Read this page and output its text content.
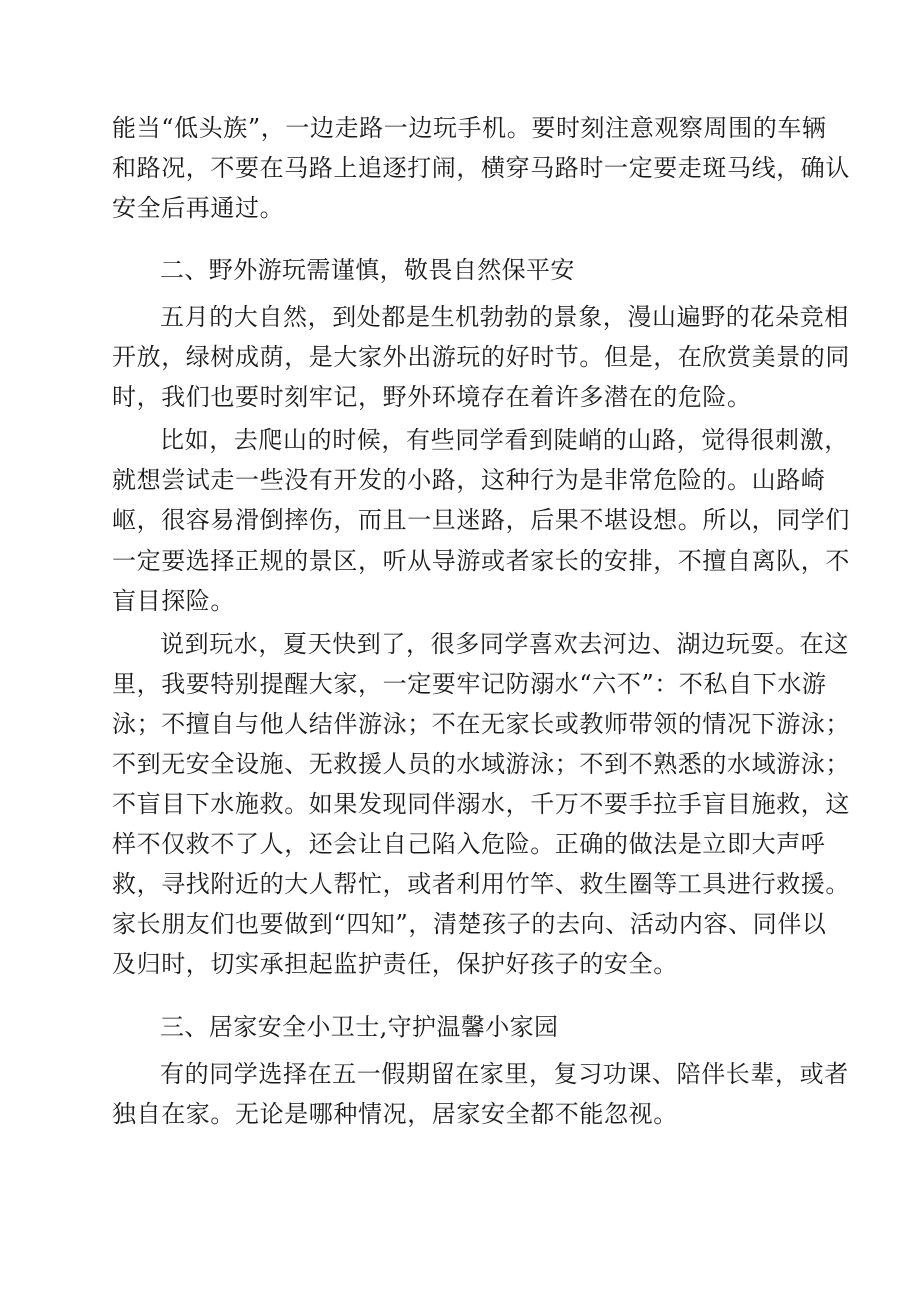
能当“低头族”，一边走路一边玩手机。要时刻注意观察周围的车辆
和路况，不要在马路上追逐打闹，横穿马路时一定要走斑马线，确认
安全后再通过。
二、野外游玩需谨慎，敬畏自然保平安
五月的大自然，到处都是生机勃勃的景象，漫山遍野的花朵竞相
开放，绿树成荫，是大家外出游玩的好时节。但是，在欣赏美景的同
时，我们也要时刻牢记，野外环境存在着许多潜在的危险。
比如，去爬山的时候，有些同学看到陡峭的山路，觉得很刺激，
就想尝试走一些没有开发的小路，这种行为是非常危险的。山路崎
岖，很容易滑倒摔伤，而且一旦迷路，后果不堪设想。所以，同学们
一定要选择正规的景区，听从导游或者家长的安排，不擅自离队，不
盲目探险。
说到玩水，夏天快到了，很多同学喜欢去河边、湖边玩耍。在这
里，我要特别提醒大家，一定要牢记防溺水“六不”：不私自下水游
泳；不擅自与他人结伴游泳；不在无家长或教师带领的情况下游泳；
不到无安全设施、无救援人员的水域游泳；不到不熟悉的水域游泳；
不盲目下水施救。如果发现同伴溺水，千万不要手拉手盲目施救，这
样不仅救不了人，还会让自己陷入危险。正确的做法是立即大声呼
救，寻找附近的大人帮忙，或者利用竹竿、救生圈等工具进行救援。
家长朋友们也要做到“四知”，清楚孩子的去向、活动内容、同伴以
及归时，切实承担起监护责任，保护好孩子的安全。
三、居家安全小卫士,守护温馨小家园
有的同学选择在五一假期留在家里，复习功课、陪伴长辈，或者
独自在家。无论是哪种情况，居家安全都不能忽视。
